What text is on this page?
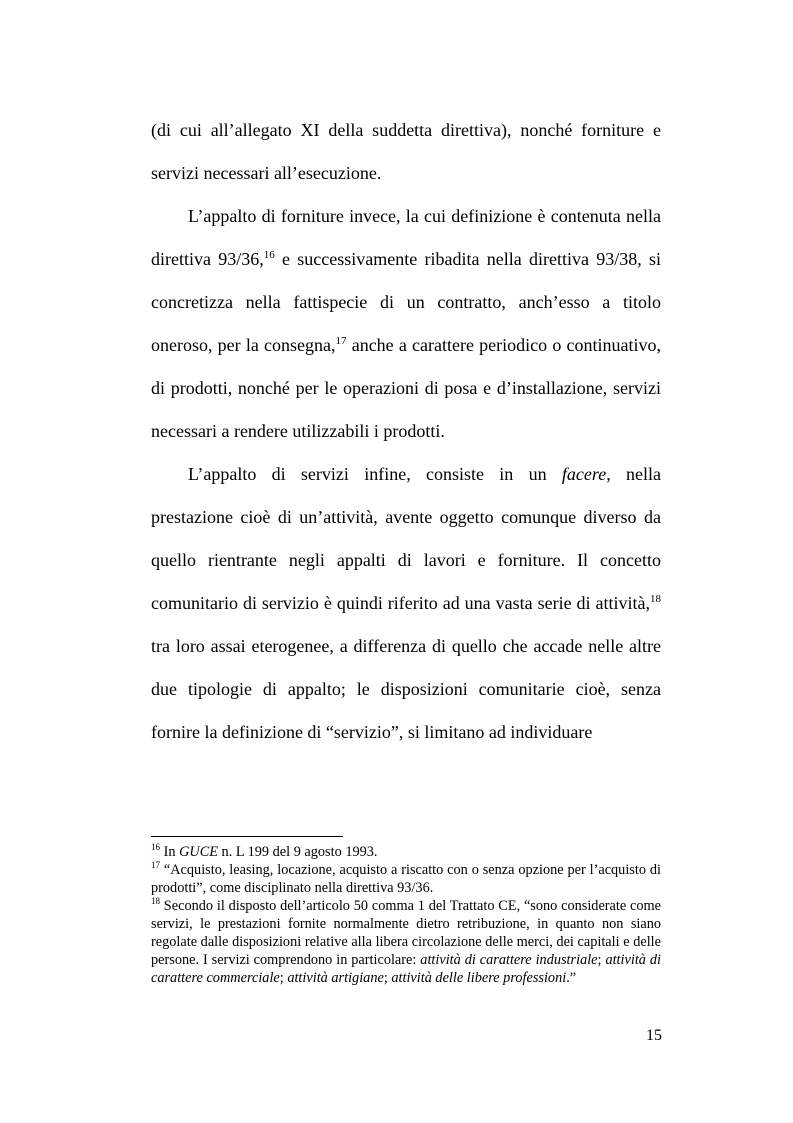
(di cui all’allegato XI della suddetta direttiva), nonché forniture e servizi necessari all’esecuzione.

L’appalto di forniture invece, la cui definizione è contenuta nella direttiva 93/36,16 e successivamente ribadita nella direttiva 93/38, si concretizza nella fattispecie di un contratto, anch’esso a titolo oneroso, per la consegna,$^{17}$ anche a carattere periodico o continuativo, di prodotti, nonché per le operazioni di posa e d’installazione, servizi necessari a rendere utilizzabili i prodotti.

L’appalto di servizi infine, consiste in un facere, nella prestazione cioè di un’attività, avente oggetto comunque diverso da quello rientrante negli appalti di lavori e forniture. Il concetto comunitario di servizio è quindi riferito ad una vasta serie di attività,$^{18}$ tra loro assai eterogenee, a differenza di quello che accade nelle altre due tipologie di appalto; le disposizioni comunitarie cioè, senza fornire la definizione di “servizio”, si limitano ad individuare

$^{16}$ In GUCE n. L 199 del 9 agosto 1993.

$^{17}$ “Acquisto, leasing, locazione, acquisto a riscatto con o senza opzione per l’acquisto di prodotti”, come disciplinato nella direttiva 93/36.

$^{18}$ Secondo il disposto dell’articolo 50 comma 1 del Trattato CE, “sono considerate come servizi, le prestazioni fornite normalmente dietro retribuzione, in quanto non siano regolate dalle disposizioni relative alla libera circolazione delle merci, dei capitali e delle persone. I servizi comprendono in particolare: attività di carattere industriale; attività di carattere commerciale; attività artigiane; attività delle libere professioni.”

15
